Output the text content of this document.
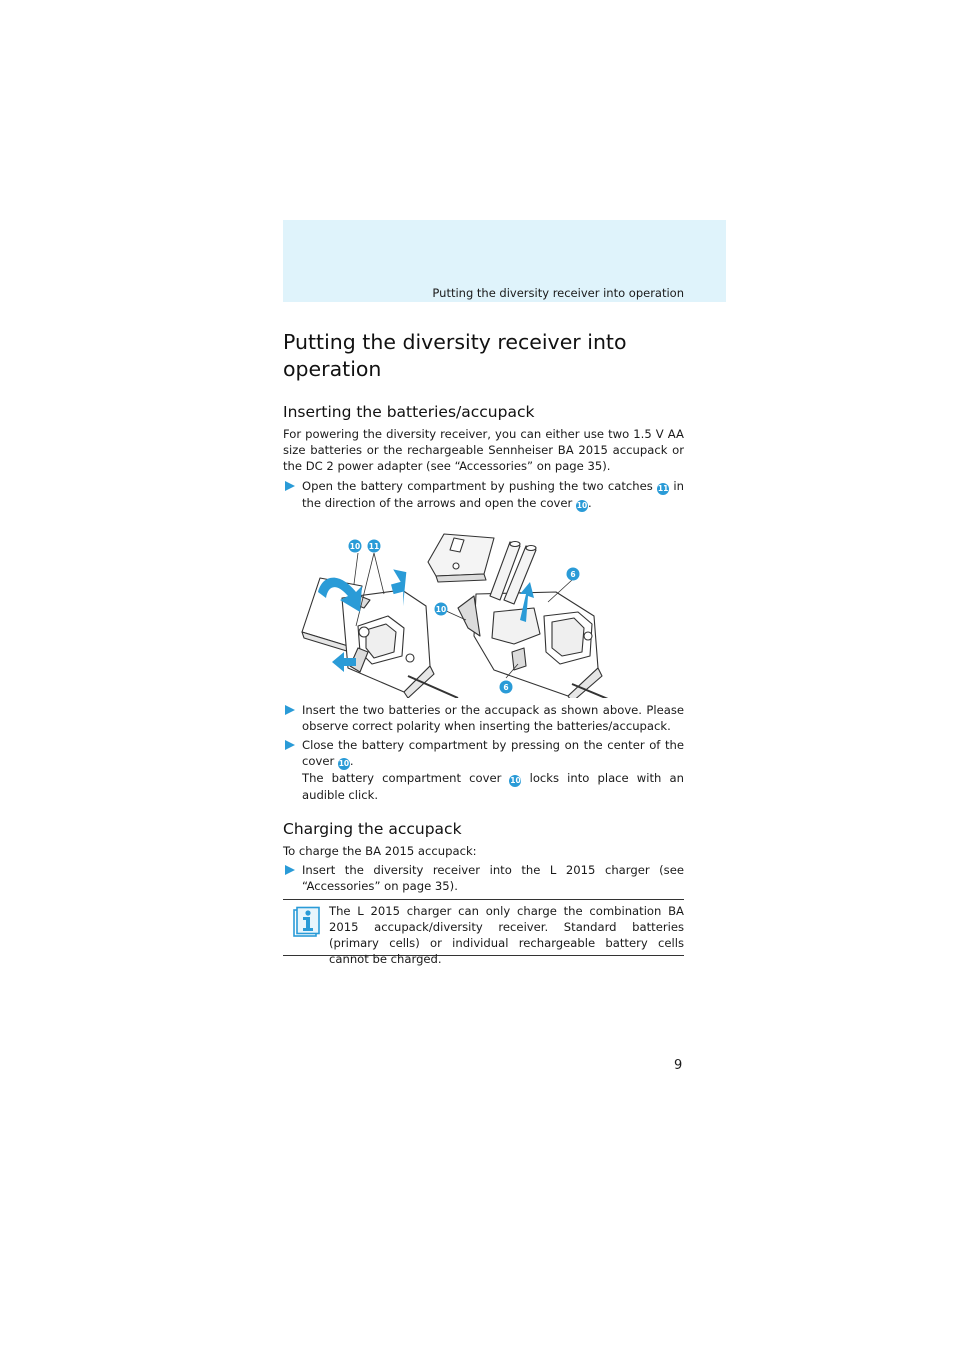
Putting the diversity receiver into operation
Putting the diversity receiver into operation
Inserting the batteries/accupack

For powering the diversity receiver, you can either use two 1.5 V AA size batteries or the rechargeable Sennheiser BA 2015 accupack or the DC 2 power adapter (see “Accessories” on page 35).

Open the battery compartment by pushing the two catches 11 in the direction of the arrows and open the cover 10.
10 11
6
10
6
Insert the two batteries or the accupack as shown above. Please observe correct polarity when inserting the batteries/accupack.
Close the battery compartment by pressing on the center of the cover 10.
The battery compartment cover 10 locks into place with an audible click.
Charging the accupack

To charge the BA 2015 accupack:

Insert the diversity receiver into the L 2015 charger (see “Accessories” on page 35).

The L 2015 charger can only charge the combination BA 2015 accupack/diversity receiver. Standard batteries (primary cells) or individual rechargeable battery cells cannot be charged.

9
